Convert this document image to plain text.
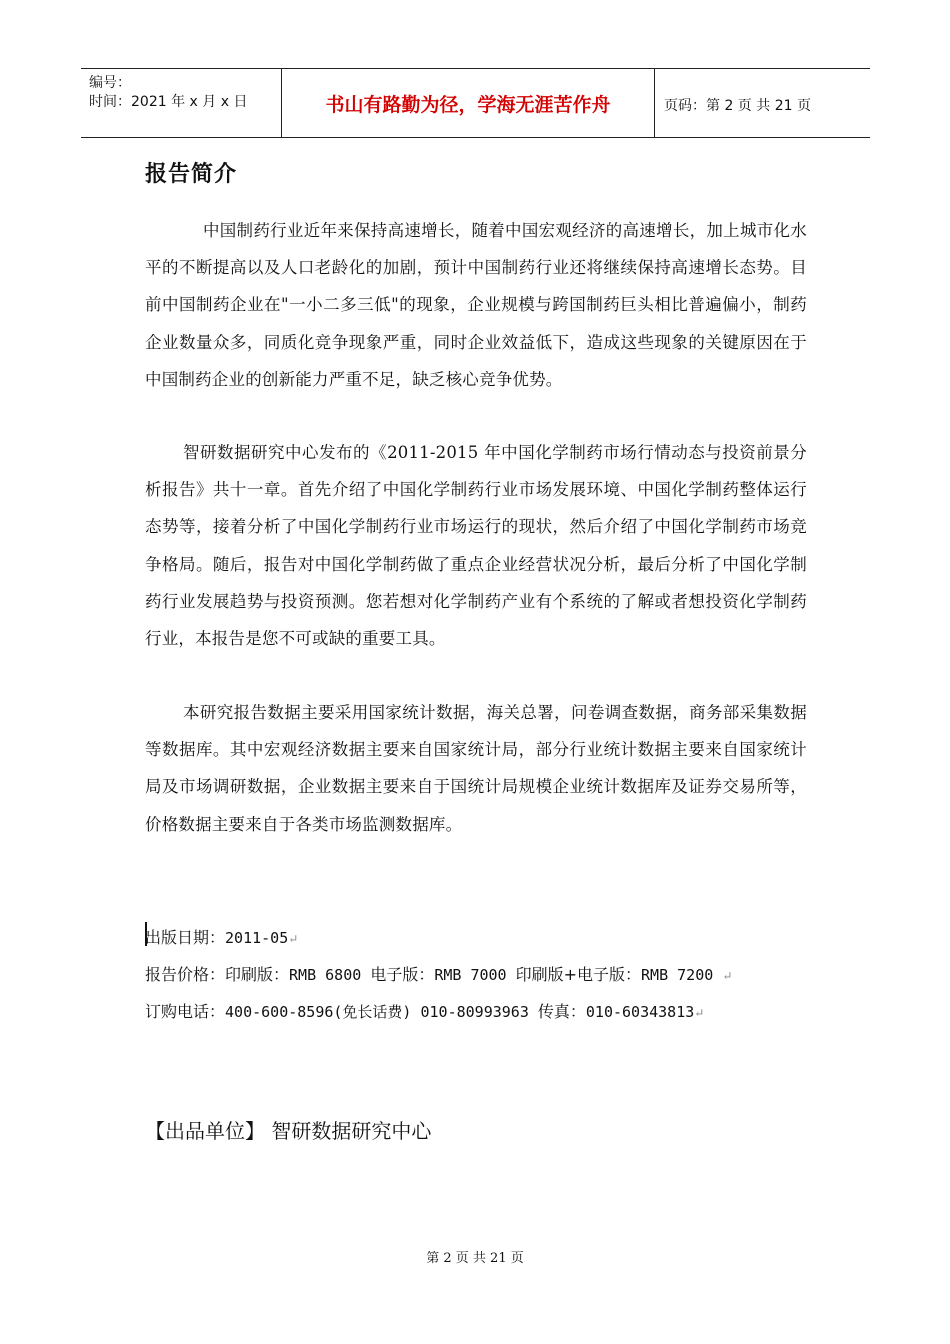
编号：
时间：2021 年 x 月 x 日	书山有路勤为径，学海无涯苦作舟	页码：第 2 页 共 21 页
报告简介

中国制药行业近年来保持高速增长，随着中国宏观经济的高速增长，加上城市化水平的不断提高以及人口老龄化的加剧，预计中国制药行业还将继续保持高速增长态势。目前中国制药企业在"一小二多三低"的现象，企业规模与跨国制药巨头相比普遍偏小，制药企业数量众多，同质化竞争现象严重，同时企业效益低下，造成这些现象的关键原因在于中国制药企业的创新能力严重不足，缺乏核心竞争优势。

智研数据研究中心发布的《2011-2015 年中国化学制药市场行情动态与投资前景分析报告》共十一章。首先介绍了中国化学制药行业市场发展环境、中国化学制药整体运行态势等，接着分析了中国化学制药行业市场运行的现状，然后介绍了中国化学制药市场竞争格局。随后，报告对中国化学制药做了重点企业经营状况分析，最后分析了中国化学制药行业发展趋势与投资预测。您若想对化学制药产业有个系统的了解或者想投资化学制药行业，本报告是您不可或缺的重要工具。

本研究报告数据主要采用国家统计数据，海关总署，问卷调查数据，商务部采集数据等数据库。其中宏观经济数据主要来自国家统计局，部分行业统计数据主要来自国家统计局及市场调研数据，企业数据主要来自于国统计局规模企业统计数据库及证券交易所等，价格数据主要来自于各类市场监测数据库。

出版日期：2011-05↵
报告价格：印刷版：RMB 6800 电子版：RMB 7000 印刷版+电子版：RMB 7200 ↵
订购电话：400-600-8596(免长话费) 010-80993963 传真：010-60343813↵
【出品单位】 智研数据研究中心
第 2 页 共 21 页
